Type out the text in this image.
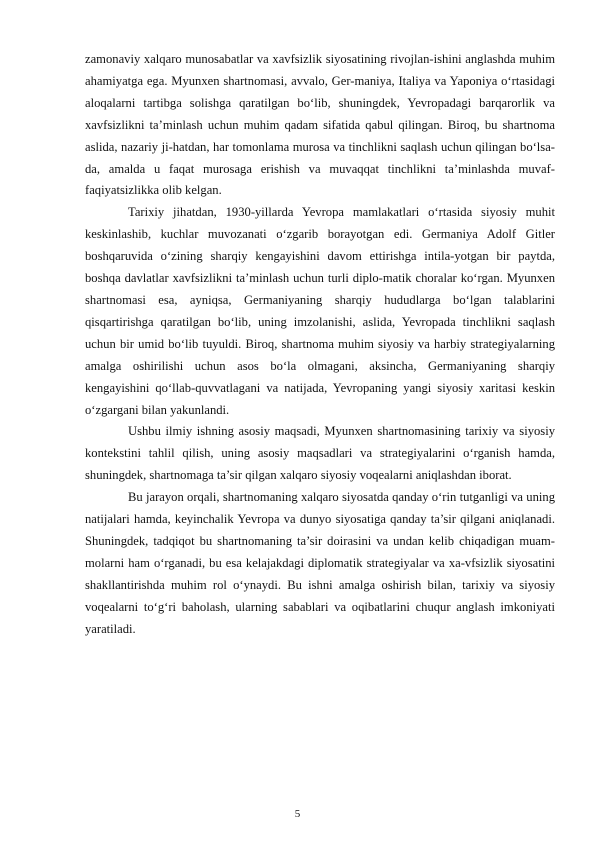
zamonaviy xalqaro munosabatlar va xavfsizlik siyosatining rivojlan-ishini anglashda muhim ahamiyatga ega. Myunxen shartnomasi, avvalo, Ger-maniya, Italiya va Yaponiya o‘rtasidagi aloqalarni tartibga solishga qaratilgan bo‘lib, shuningdek, Yevropadagi barqarorlik va xavfsizlikni ta’minlash uchun muhim qadam sifatida qabul qilingan. Biroq, bu shartnoma aslida, nazariy ji-hatdan, har tomonlama murosa va tinchlikni saqlash uchun qilingan bo‘lsa-da, amalda u faqat murosaga erishish va muvaqqat tinchlikni ta’minlashda muvaf-faqiyatsizlikka olib kelgan.

Tarixiy jihatdan, 1930-yillarda Yevropa mamlakatlari o‘rtasida siyosiy muhit keskinlashib, kuchlar muvozanati o‘zgarib borayotgan edi. Germaniya Adolf Gitler boshqaruvida o‘zining sharqiy kengayishini davom ettirishga intila-yotgan bir paytda, boshqa davlatlar xavfsizlikni ta’minlash uchun turli diplo-matik choralar ko‘rgan. Myunxen shartnomasi esa, ayniqsa, Germaniyaning sharqiy hududlarga bo‘lgan talablarini qisqartirishga qaratilgan bo‘lib, uning imzolanishi, aslida, Yevropada tinchlikni saqlash uchun bir umid bo‘lib tuyuldi. Biroq, shartnoma muhim siyosiy va harbiy strategiyalarning amalga oshirilishi uchun asos bo‘la olmagani, aksincha, Germaniyaning sharqiy kengayishini qo‘llab-quvvatlagani va natijada, Yevropaning yangi siyosiy xaritasi keskin o‘zgargani bilan yakunlandi.

Ushbu ilmiy ishning asosiy maqsadi, Myunxen shartnomasining tarixiy va siyosiy kontekstini tahlil qilish, uning asosiy maqsadlari va strategiyalarini o‘rganish hamda, shuningdek, shartnomaga ta’sir qilgan xalqaro siyosiy voqealarni aniqlashdan iborat.

Bu jarayon orqali, shartnomaning xalqaro siyosatda qanday o‘rin tutganligi va uning natijalari hamda, keyinchalik Yevropa va dunyo siyosatiga qanday ta’sir qilgani aniqlanadi. Shuningdek, tadqiqot bu shartnomaning ta’sir doirasini va undan kelib chiqadigan muam-molarni ham o‘rganadi, bu esa kelajakdagi diplomatik strategiyalar va xa-vfsizlik siyosatini shakllantirishda muhim rol o‘ynaydi. Bu ishni amalga oshirish bilan, tarixiy va siyosiy voqealarni to‘g‘ri baholash, ularning sabablari va oqibatlarini chuqur anglash imkoniyati yaratiladi.

5
